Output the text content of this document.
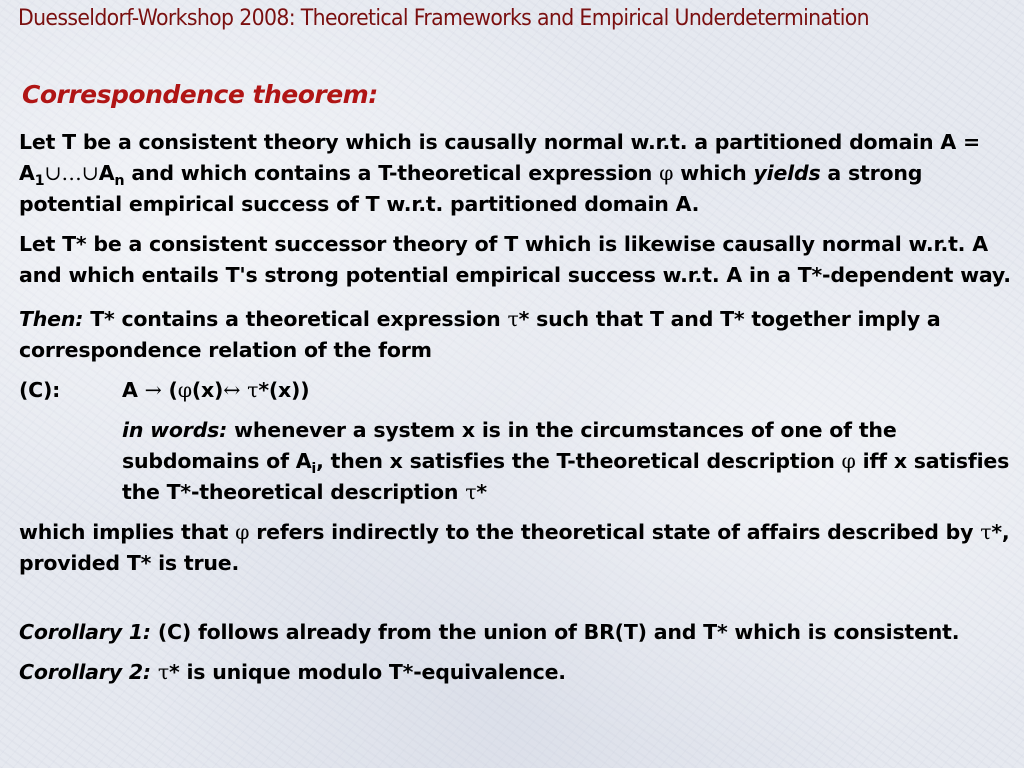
Duesseldorf-Workshop 2008: Theoretical Frameworks and Empirical Underdetermination
Correspondence theorem:

Let T be a consistent theory which is causally normal w.r.t. a partitioned domain $A = A_1\cup\dots\cup A_n$ and which contains a T-theoretical expression φ which yields a strong potential empirical success of T w.r.t. partitioned domain A.

Let T* be a consistent successor theory of T which is likewise causally normal w.r.t. A and which entails T's strong potential empirical success w.r.t. A in a T*-dependent way.

Then: T* contains a theoretical expression τ* such that T and T* together imply a correspondence relation of the form

(C):	A → (φ(x)↔ τ*(x))

in words: whenever a system x is in the circumstances of one of the subdomains of $A_i$, then x satisfies the T-theoretical description φ iff x satisfies the T*-theoretical description τ*

which implies that φ refers indirectly to the theoretical state of affairs described by τ*, provided T* is true.

Corollary 1: (C) follows already from the union of BR(T) and T* which is consistent.

Corollary 2: τ* is unique modulo T*-equivalence.
